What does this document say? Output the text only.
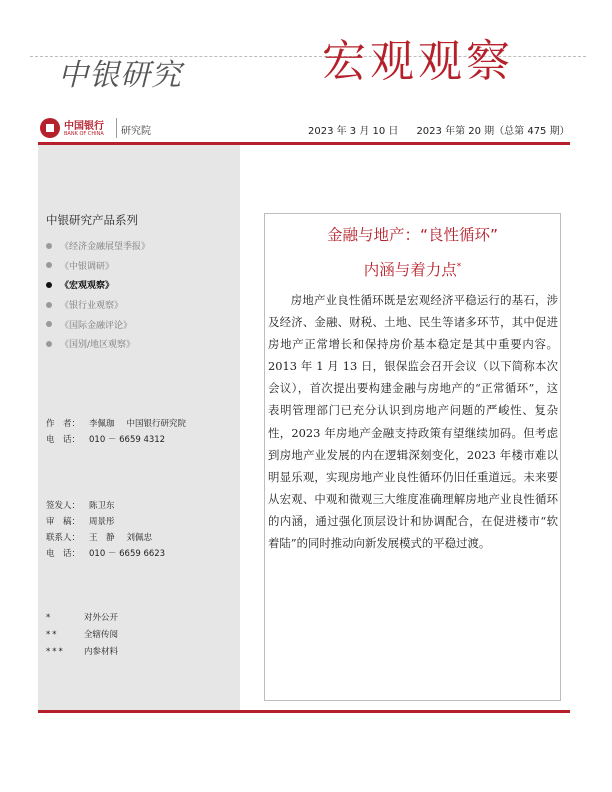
中银研究	宏观观察
中国银行
BANK OF CHINA 研究院	2023 年 3 月 10 日 2023 年第 20 期（总第 475 期）
中银研究产品系列
《经济金融展望季报》
《中银调研》
《宏观观察》
《银行业观察》
《国际金融评论》
《国别/地区观察》
作　者：	李佩珈 中国银行研究院
电　话：	010 － 6659 4312
签发人：	陈卫东
审　稿：	周景彤
联系人：	王　静 刘佩忠
电　话：	010 － 6659 6623
*	对外公开
**	全辖传阅
***	内参材料
金融与地产：“良性循环”
内涵与着力点*

房地产业良性循环既是宏观经济平稳运行的基石，涉及经济、金融、财税、土地、民生等诸多环节，其中促进房地产正常增长和保持房价基本稳定是其中重要内容。2013 年 1 月 13 日，银保监会召开会议（以下简称本次会议），首次提出要构建金融与房地产的“正常循环”，这表明管理部门已充分认识到房地产问题的严峻性、复杂性，2023 年房地产金融支持政策有望继续加码。但考虑到房地产业发展的内在逻辑深刻变化，2023 年楼市难以明显乐观，实现房地产业良性循环仍旧任重道远。未来要从宏观、中观和微观三大维度准确理解房地产业良性循环的内涵，通过强化顶层设计和协调配合，在促进楼市“软着陆”的同时推动向新发展模式的平稳过渡。
